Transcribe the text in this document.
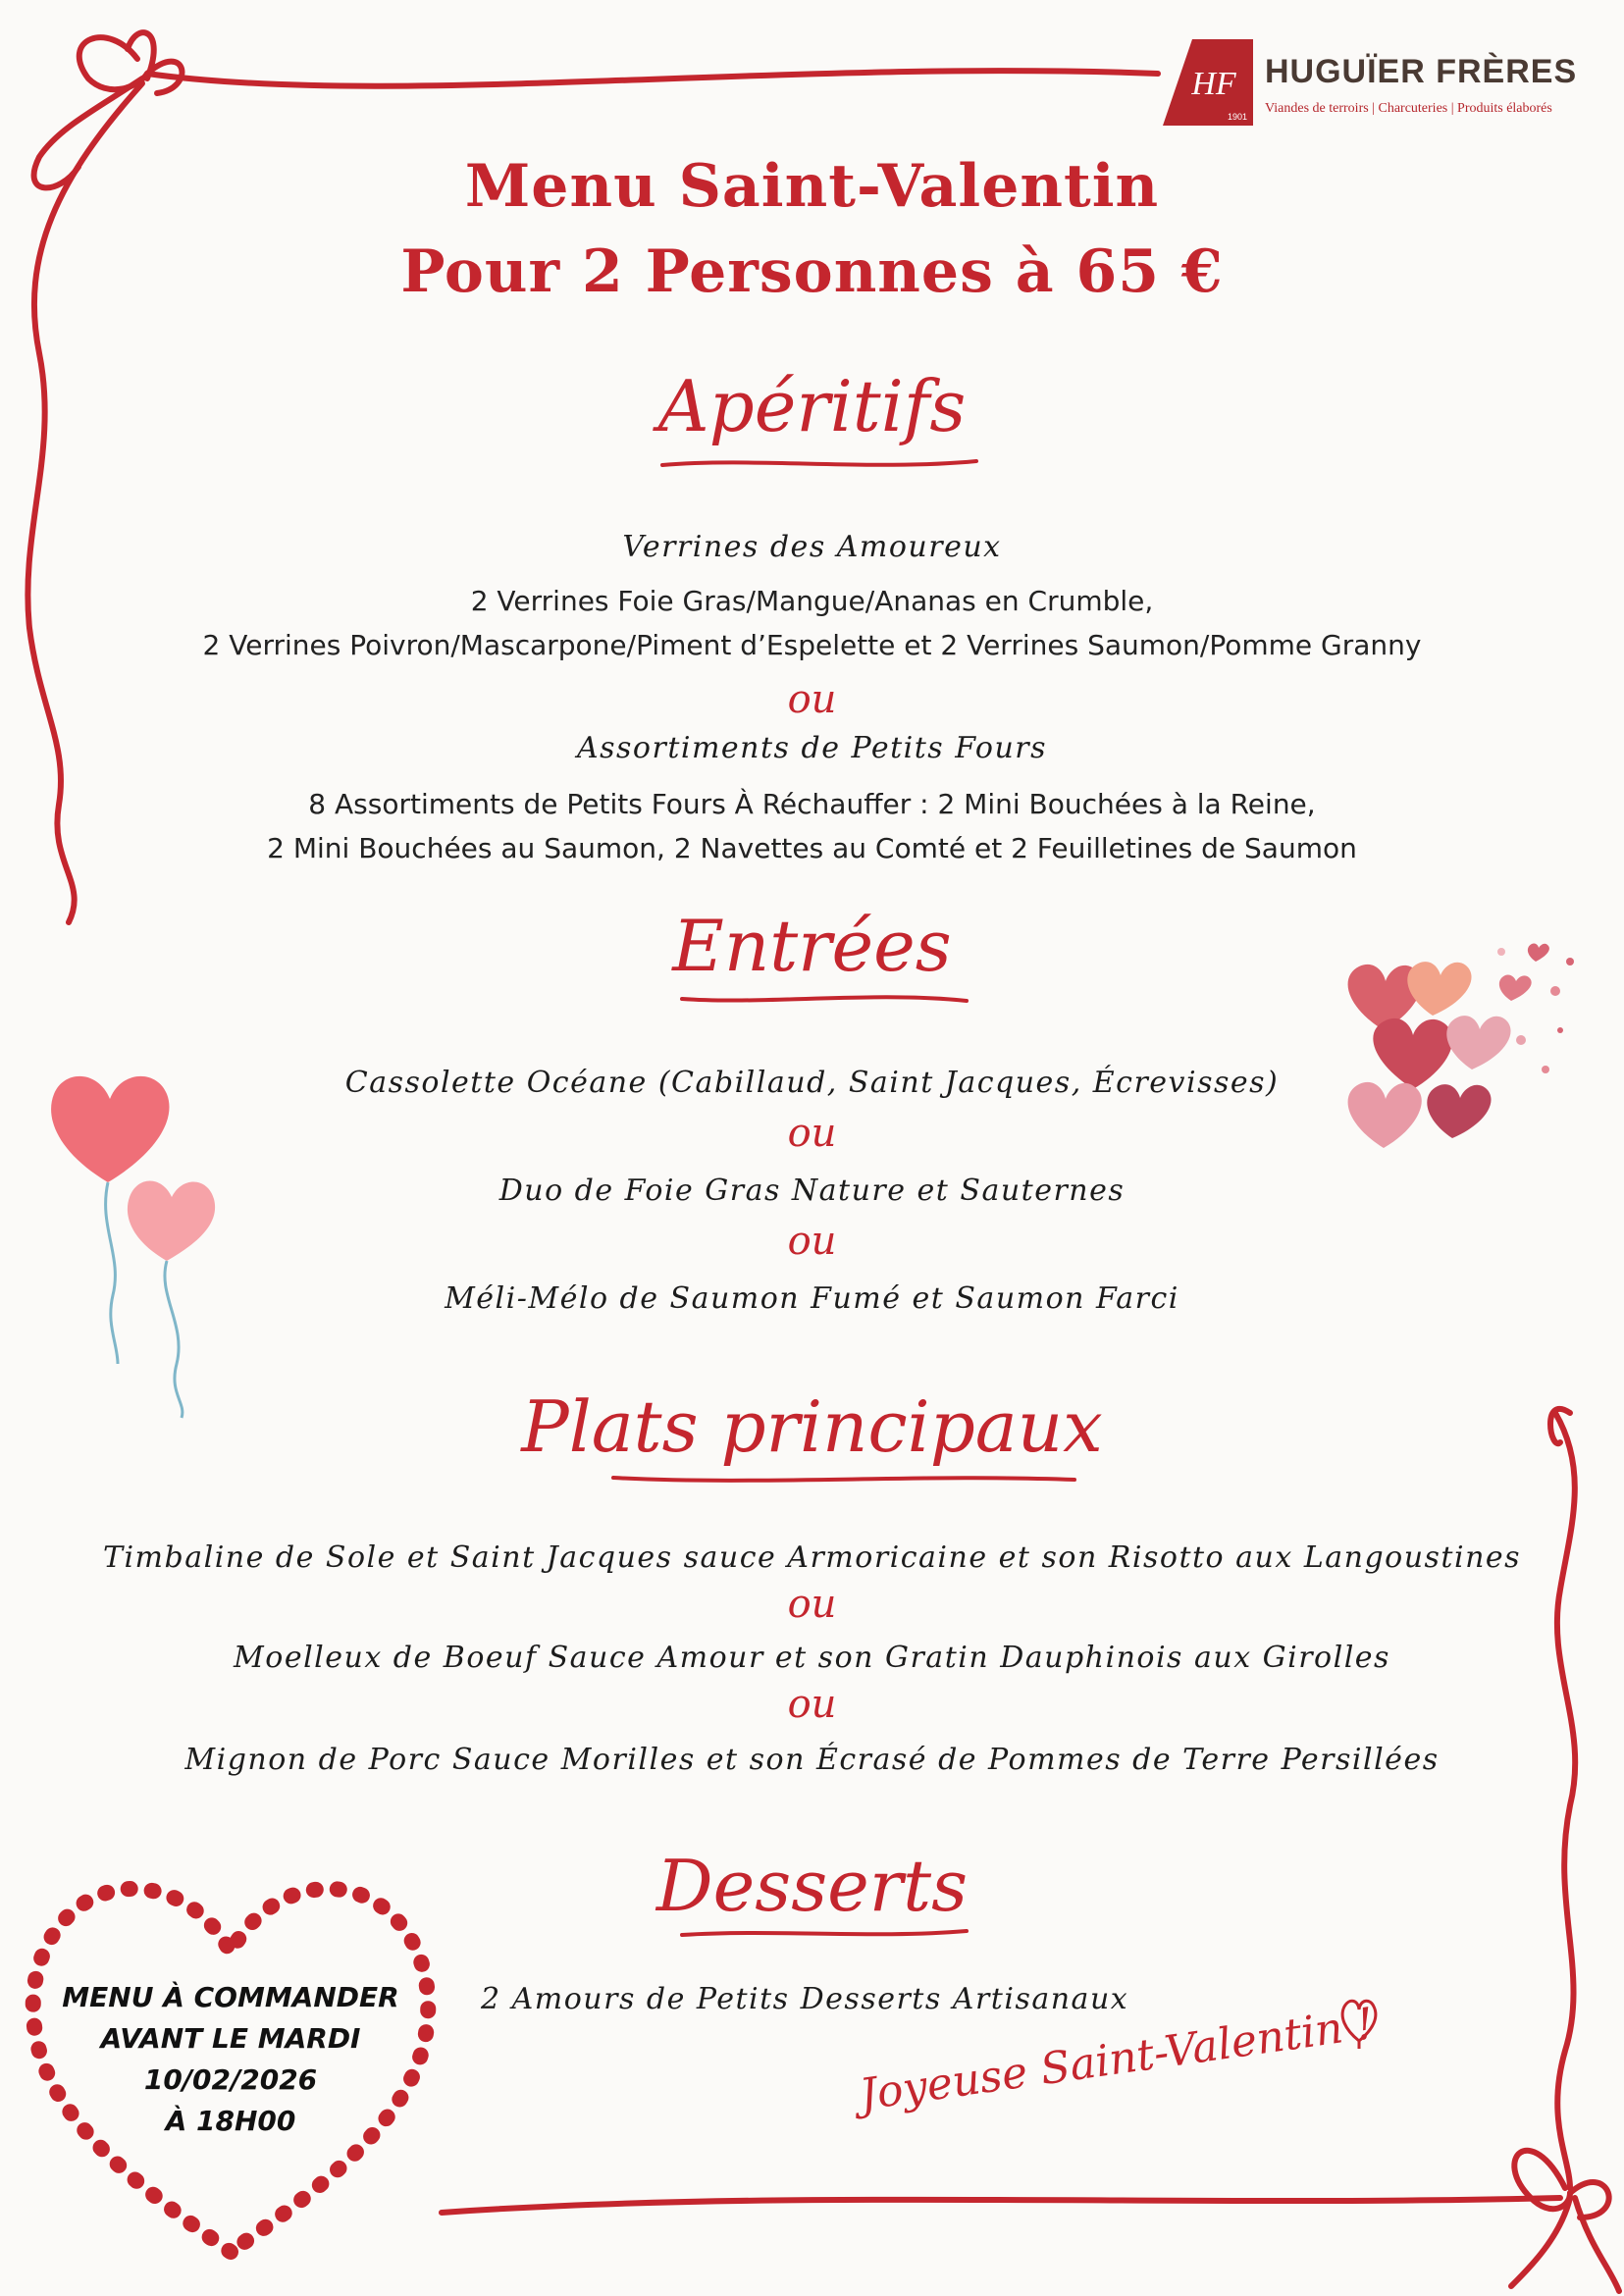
HF
1901
HUGUÏER FRÈRES
Viandes de terroirs | Charcuteries | Produits élaborés
Menu Saint-Valentin
Pour 2 Personnes à 65 €
Apéritifs
Verrines des Amoureux
2 Verrines Foie Gras/Mangue/Ananas en Crumble,
2 Verrines Poivron/Mascarpone/Piment d’Espelette et 2 Verrines Saumon/Pomme Granny
ou
Assortiments de Petits Fours
8 Assortiments de Petits Fours À Réchauffer : 2 Mini Bouchées à la Reine,
2 Mini Bouchées au Saumon, 2 Navettes au Comté et 2 Feuilletines de Saumon
Entrées
Cassolette Océane (Cabillaud, Saint Jacques, Écrevisses)
ou
Duo de Foie Gras Nature et Sauternes
ou
Méli-Mélo de Saumon Fumé et Saumon Farci
Plats principaux
Timbaline de Sole et Saint Jacques sauce Armoricaine et son Risotto aux Langoustines
ou
Moelleux de Boeuf Sauce Amour et son Gratin Dauphinois aux Girolles
ou
Mignon de Porc Sauce Morilles et son Écrasé de Pommes de Terre Persillées
Desserts
2 Amours de Petits Desserts Artisanaux
MENU À COMMANDER
AVANT LE MARDI
10/02/2026
À 18H00
Joyeuse Saint-Valentin !
